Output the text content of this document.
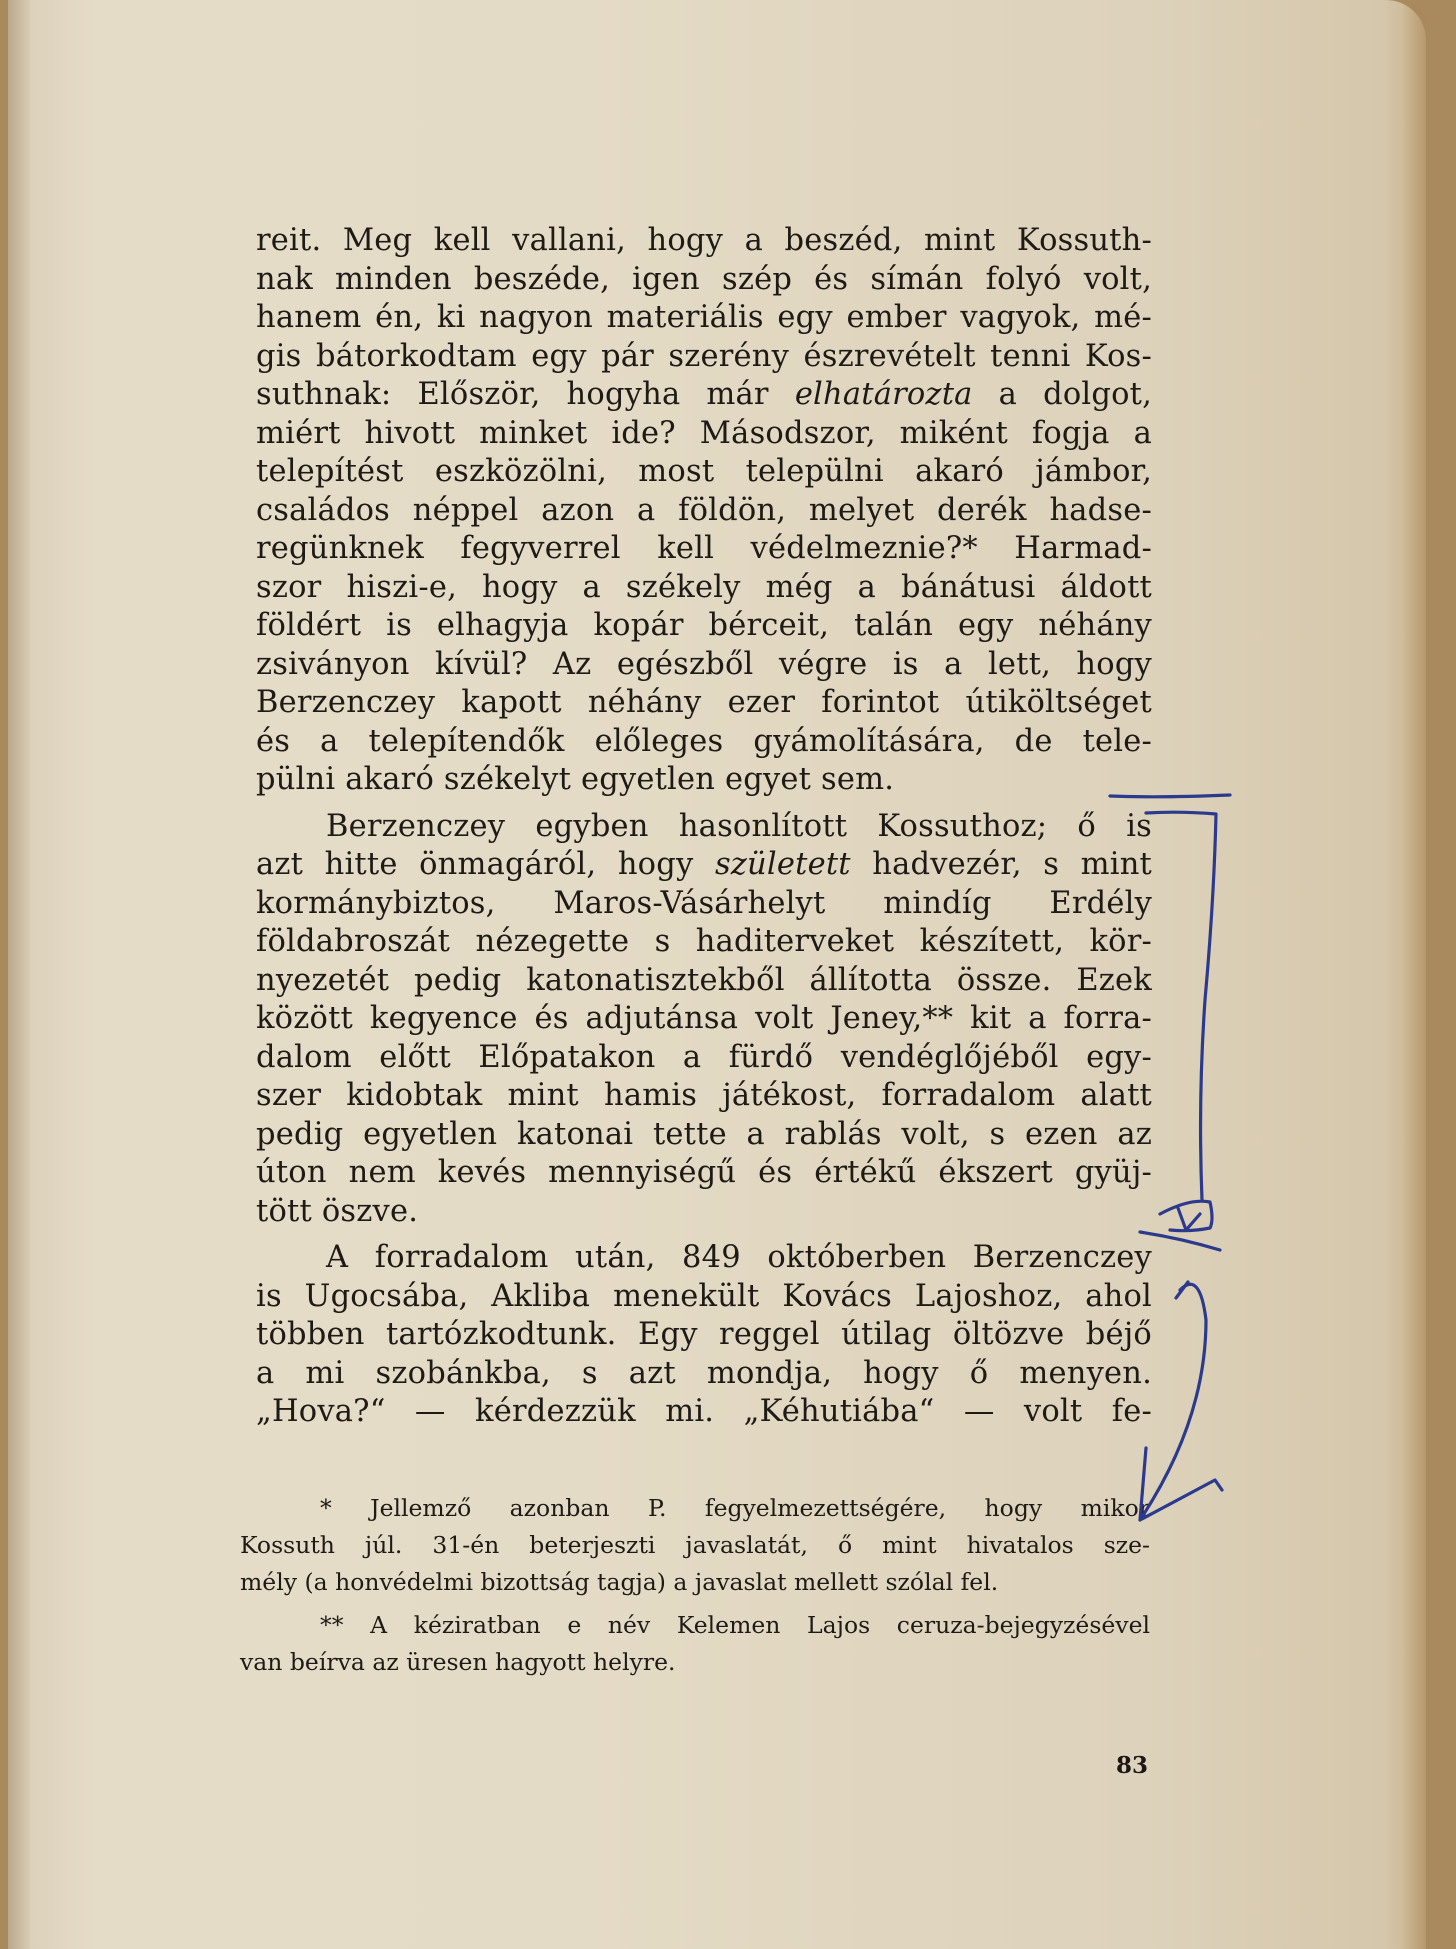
reit. Meg kell vallani, hogy a beszéd, mint Kossuth-
nak minden beszéde, igen szép és símán folyó volt,
hanem én, ki nagyon materiális egy ember vagyok, mé-
gis bátorkodtam egy pár szerény észrevételt tenni Kos-
suthnak: Először, hogyha már elhatározta a dolgot,
miért hivott minket ide? Másodszor, miként fogja a
telepítést eszközölni, most települni akaró jámbor,
családos néppel azon a földön, melyet derék hadse-
regünknek fegyverrel kell védelmeznie?* Harmad-
szor hiszi-e, hogy a székely még a bánátusi áldott
földért is elhagyja kopár bérceit, talán egy néhány
zsiványon kívül? Az egészből végre is a lett, hogy
Berzenczey kapott néhány ezer forintot útiköltséget
és a telepítendők előleges gyámolítására, de tele-
pülni akaró székelyt egyetlen egyet sem.
Berzenczey egyben hasonlított Kossuthoz; ő is
azt hitte önmagáról, hogy született hadvezér, s mint
kormánybiztos, Maros-Vásárhelyt mindíg Erdély
földabroszát nézegette s haditerveket készített, kör-
nyezetét pedig katonatisztekből állította össze. Ezek
között kegyence és adjutánsa volt Jeney,** kit a forra-
dalom előtt Előpatakon a fürdő vendéglőjéből egy-
szer kidobtak mint hamis játékost, forradalom alatt
pedig egyetlen katonai tette a rablás volt, s ezen az
úton nem kevés mennyiségű és értékű ékszert gyüj-
tött öszve.
A forradalom után, 849 októberben Berzenczey
is Ugocsába, Akliba menekült Kovács Lajoshoz, ahol
többen tartózkodtunk. Egy reggel útilag öltözve béjő
a mi szobánkba, s azt mondja, hogy ő menyen.
„Hova?“ — kérdezzük mi. „Kéhutiába“ — volt fe-
* Jellemző azonban P. fegyelmezettségére, hogy mikor
Kossuth júl. 31-én beterjeszti javaslatát, ő mint hivatalos sze-
mély (a honvédelmi bizottság tagja) a javaslat mellett szólal fel.
** A kéziratban e név Kelemen Lajos ceruza-bejegyzésével
van beírva az üresen hagyott helyre.
83
